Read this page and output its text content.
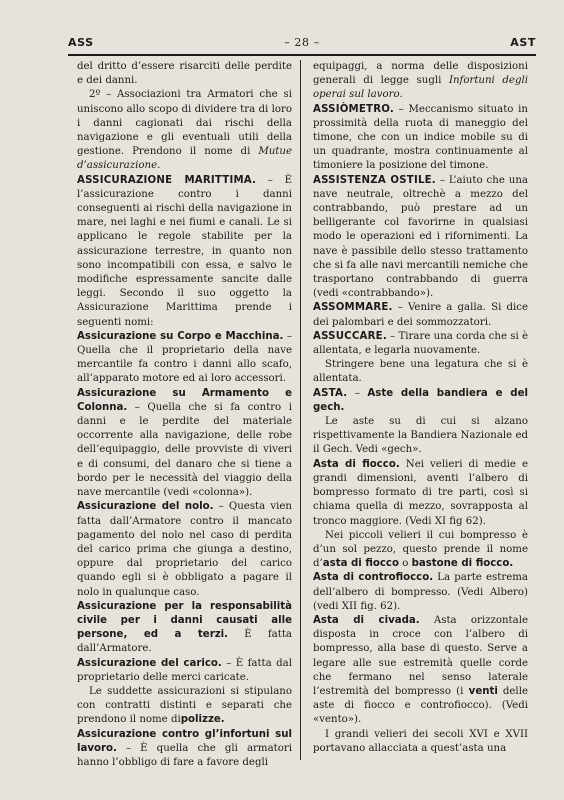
ASS	– 28 –	AST

del dritto d’essere risarciti delle perdite e dei danni.

2º – Associazioni tra Armatori che si uniscono allo scopo di dividere tra di loro i danni cagionati dai rischi della navigazione e gli eventuali utili della gestione. Prendono il nome di Mutue d’assicurazione.

ASSICURAZIONE MARITTIMA. – È l’assicurazione contro i danni conseguenti ai rischi della navigazione in mare, nei laghi e nei fiumi e canali. Le si applicano le regole stabilite per la assicurazione terrestre, in quanto non sono incompatibili con essa, e salvo le modifiche espressamente sancite dalle leggi. Secondo il suo oggetto la Assicurazione Marittima prende i seguenti nomi:

Assicurazione su Corpo e Macchina. – Quella che il proprietario della nave mercantile fa contro i danni allo scafo, all’apparato motore ed ai loro accessori.

Assicurazione su Armamento e Colonna. – Quella che si fa contro i danni e le perdite del materiale occorrente alla navigazione, delle robe dell’equipaggio, delle provviste di viveri e di consumi, del danaro che si tiene a bordo per le necessità del viaggio della nave mercantile (vedi «colonna»).

Assicurazione del nolo. – Questa vien fatta dall’Armatore contro il mancato pagamento del nolo nel caso di perdita del carico prima che giunga a destino, oppure dal proprietario del carico quando egli si è obbligato a pagare il nolo in qualunque caso.

Assicurazione per la responsabilità civile per i danni causati alle persone, ed a terzi. È fatta dall’Armatore.

Assicurazione del carico. – È fatta dal proprietario delle merci caricate.

Le suddette assicurazioni si stipulano con contratti distinti e separati che prendono il nome dipolizze.

Assicurazione contro gl’infortuni sul lavoro. – È quella che gli armatori hanno l’obbligo di fare a favore degli

equipaggi, a norma delle disposizioni generali di legge sugli Infortuni degli operai sul lavoro.

ASSIÒMETRO. – Meccanismo situato in prossimità della ruota di maneggio del timone, che con un indice mobile su di un quadrante, mostra continuamente al timoniere la posizione del timone.

ASSISTENZA OSTILE. – L’aiuto che una nave neutrale, oltrechè a mezzo del contrabbando, può prestare ad un belligerante col favorirne in qualsiasi modo le operazioni ed i rifornimenti. La nave è passibile dello stesso trattamento che si fa alle navi mercantili nemiche che trasportano contrabbando di guerra (vedi «contrabbando»).

ASSOMMARE. – Venire a galla. Si dice dei palombari e dei sommozzatori.

ASSUCCARE. – Tirare una corda che si è allentata, e legarla nuovamente.

Stringere bene una legatura che si è allentata.

ASTA. – Aste della bandiera e del gech.

Le aste su di cui si alzano rispettivamente la Bandiera Nazionale ed il Gech. Vedi «gech».

Asta di fiocco. Nei velieri di medie e grandi dimensioni, aventi l’albero di bompresso formato di tre parti, così si chiama quella di mezzo, sovrapposta al tronco maggiore. (Vedi XI fig 62).

Nei piccoli velieri il cui bompresso è d’un sol pezzo, questo prende il nome d’asta di fiocco o bastone di fiocco.

Asta di controfiocco. La parte estrema dell’albero di bompresso. (Vedi Albero) (vedi XII fig. 62).

Asta di civada. Asta orizzontale disposta in croce con l’albero di bompresso, alla base di questo. Serve a legare alle sue estremità quelle corde che fermano nel senso laterale l’estremità del bompresso (i venti delle aste di fiocco e controfiocco). (Vedi «vento»).

I grandi velieri dei secoli XVI e XVII portavano allacciata a quest’asta una
